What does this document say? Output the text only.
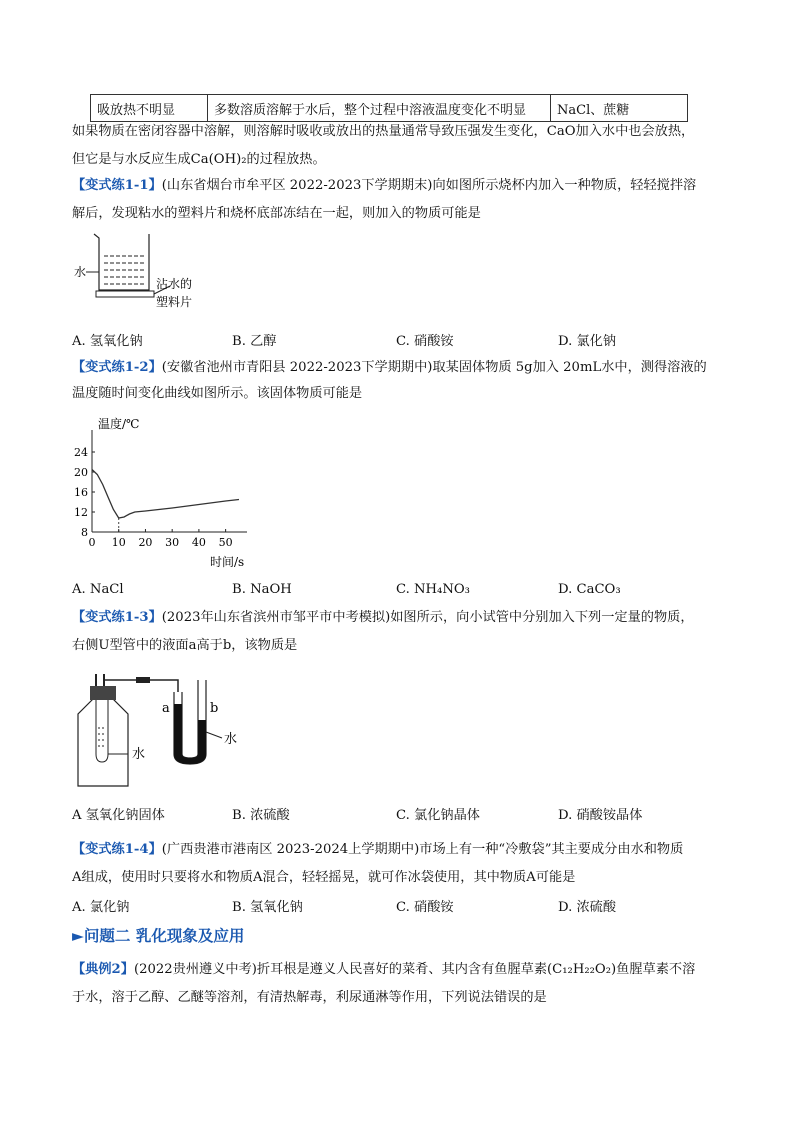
吸放热不明显	多数溶质溶解于水后，整个过程中溶液温度变化不明显	NaCl、蔗糖
如果物质在密闭容器中溶解，则溶解时吸收或放出的热量通常导致压强发生变化，CaO加入水中也会放热，
但它是与水反应生成Ca(OH)₂的过程放热。
【变式练1-1】(山东省烟台市牟平区 2022-2023下学期期末)向如图所示烧杯内加入一种物质，轻轻搅拌溶
解后，发现粘水的塑料片和烧杯底部冻结在一起，则加入的物质可能是
水
沾水的
塑料片
A. 氢氧化钠	B. 乙醇	C. 硝酸铵	D. 氯化钠
【变式练1-2】(安徽省池州市青阳县 2022-2023下学期期中)取某固体物质 5g加入 20mL水中，测得溶液的
温度随时间变化曲线如图所示。该固体物质可能是
0 10 20 30 40 50
8
12
16
20
24
温度/℃
时间/s
A. NaCl	B. NaOH	C. NH₄NO₃	D. CaCO₃
【变式练1-3】(2023年山东省滨州市邹平市中考模拟)如图所示，向小试管中分别加入下列一定量的物质，
右侧U型管中的液面a高于b，该物质是
水
a	b
水
A 氢氧化钠固体	B. 浓硫酸	C. 氯化钠晶体	D. 硝酸铵晶体
【变式练1-4】(广西贵港市港南区 2023-2024上学期期中)市场上有一种“冷敷袋”其主要成分由水和物质
A组成，使用时只要将水和物质A混合，轻轻摇晃，就可作冰袋使用，其中物质A可能是
A. 氯化钠	B. 氢氧化钠	C. 硝酸铵	D. 浓硫酸
►问题二 乳化现象及应用
【典例2】(2022贵州遵义中考)折耳根是遵义人民喜好的菜肴、其内含有鱼腥草素(C₁₂H₂₂O₂)鱼腥草素不溶
于水，溶于乙醇、乙醚等溶剂，有清热解毒，利尿通淋等作用，下列说法错误的是
